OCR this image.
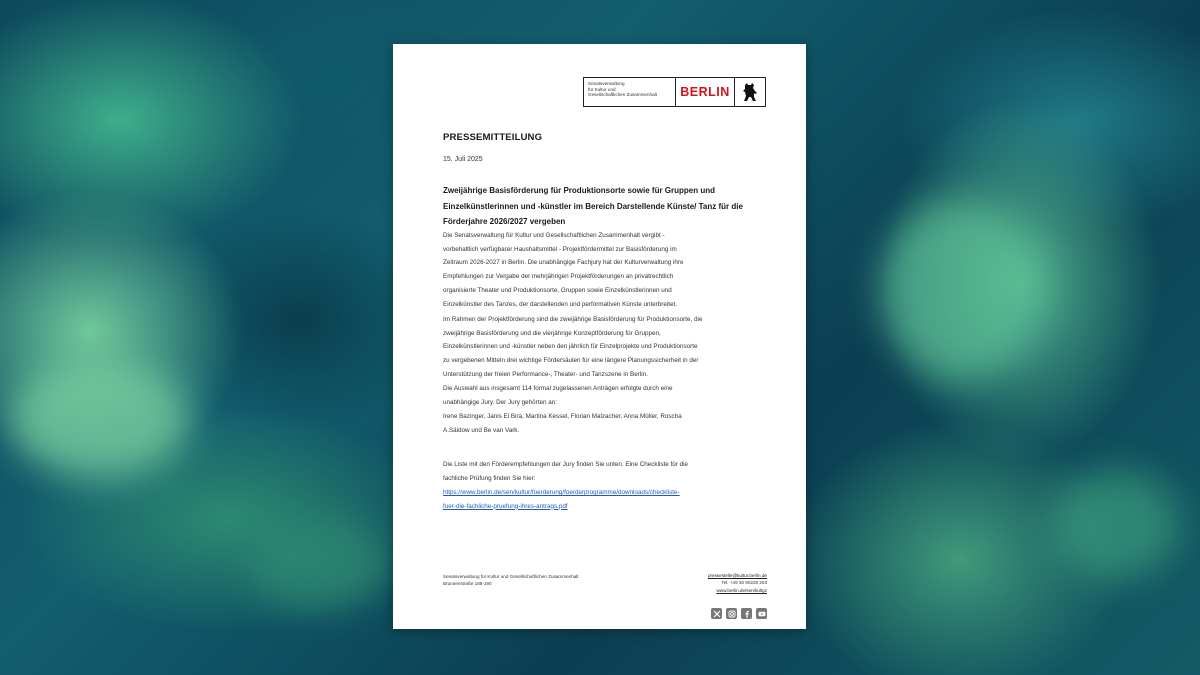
Senatsverwaltung
für Kultur und
Gesellschaftlichen Zusammenhalt	BERLIN
PRESSEMITTEILUNG
15. Juli 2025
Zweijährige Basisförderung für Produktionsorte sowie für Gruppen und
Einzelkünstlerinnen und -künstler im Bereich Darstellende Künste/ Tanz für die
Förderjahre 2026/2027 vergeben
Die Senatsverwaltung für Kultur und Gesellschaftlichen Zusammenhalt vergibt -
vorbehaltlich verfügbarer Haushaltsmittel - Projektfördermittel zur Basisförderung im
Zeitraum 2026-2027 in Berlin. Die unabhängige Fachjury hat der Kulturverwaltung ihre
Empfehlungen zur Vergabe der mehrjährigen Projektförderungen an privatrechtlich
organisierte Theater und Produktionsorte, Gruppen sowie Einzelkünstlerinnen und
Einzelkünstler des Tanzes, der darstellenden und performativen Künste unterbreitet.
Im Rahmen der Projektförderung sind die zweijährige Basisförderung für Produktionsorte, die
zweijährige Basisförderung und die vierjährige Konzeptförderung für Gruppen,
Einzelkünstlerinnen und -künstler neben den jährlich für Einzelprojekte und Produktionsorte
zu vergebenen Mitteln drei wichtige Fördersäulen für eine längere Planungssicherheit in der
Unterstützung der freien Performance-, Theater- und Tanzszene in Berlin.
Die Auswahl aus insgesamt 114 formal zugelassenen Anträgen erfolgte durch eine
unabhängige Jury. Der Jury gehörten an:
Irene Bazinger, Janis El Bira, Martina Kessel, Florian Malzacher, Anna Müller, Roscha
A.Säidow und Be van Vark.
Die Liste mit den Förderempfehlungen der Jury finden Sie unten. Eine Checkliste für die
fachliche Prüfung finden Sie hier:
https://www.berlin.de/sen/kultur/foerderung/foerderprogramme/downloads/checkliste-
fuer-die-fachliche-pruefung-ihres-antrags.pdf
Senatsverwaltung für Kultur und Gesellschaftlichen Zusammenhalt
Brunnenstraße 188-190
pressestelle@kultur.berlin.de
Tel. +49 30 90228 203
www.berlin.de/sen/kultgz
